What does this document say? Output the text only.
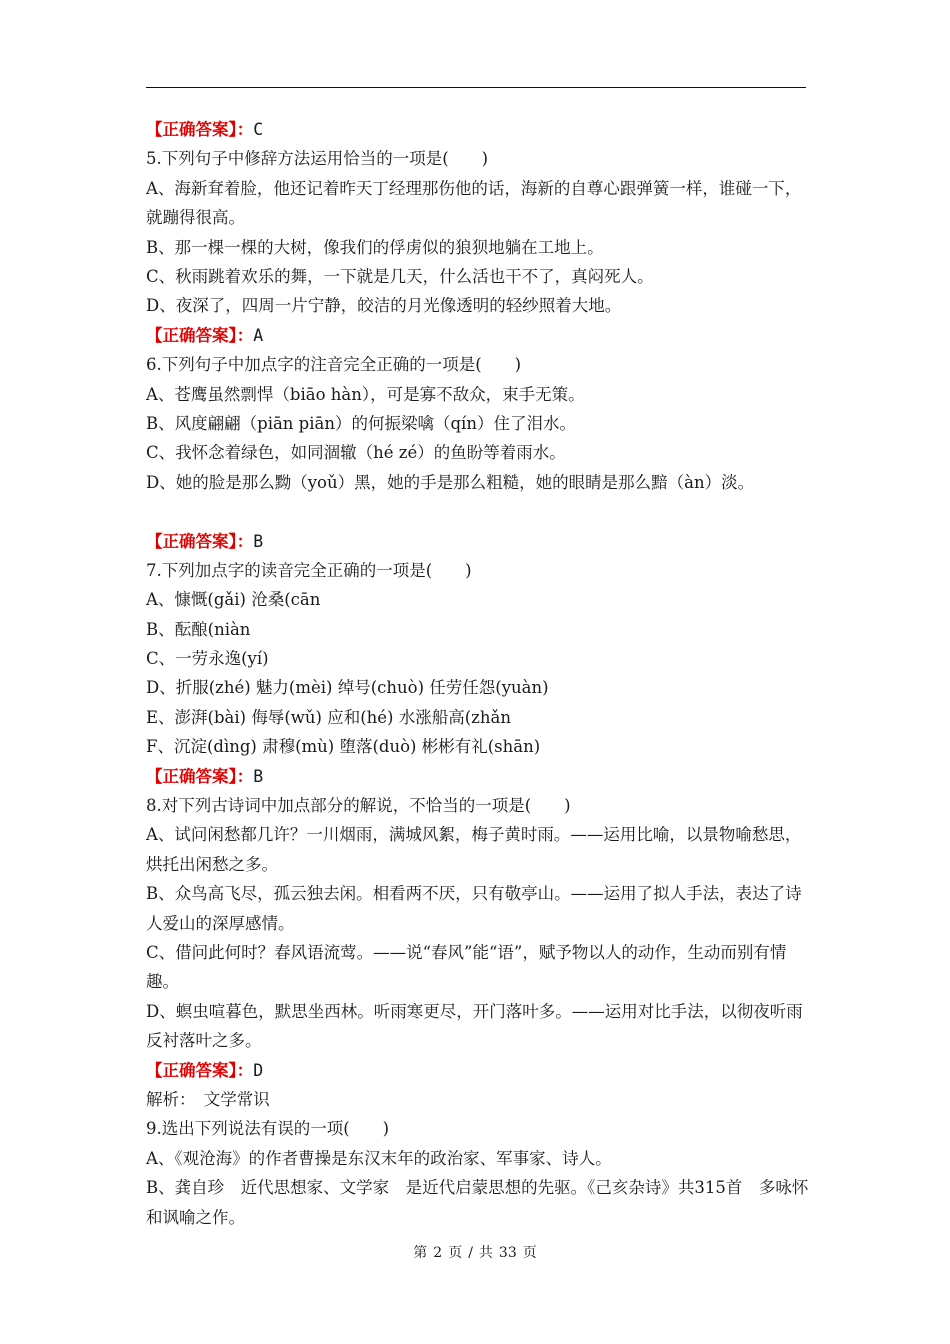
【正确答案】：C
5.下列句子中修辞方法运用恰当的一项是(　　)
A、海新耷着脸，他还记着昨天丁经理那伤他的话，海新的自尊心跟弹簧一样，谁碰一下，就蹦得很高。
B、那一棵一棵的大树，像我们的俘虏似的狼狈地躺在工地上。
C、秋雨跳着欢乐的舞，一下就是几天，什么活也干不了，真闷死人。
D、夜深了，四周一片宁静，皎洁的月光像透明的轻纱照着大地。
【正确答案】：A
6.下列句子中加点字的注音完全正确的一项是(　　)
A、苍鹰虽然剽悍（biāo hàn），可是寡不敌众，束手无策。
B、风度翩翩（piān piān）的何振梁噙（qín）住了泪水。
C、我怀念着绿色，如同涸辙（hé zé）的鱼盼等着雨水。
D、她的脸是那么黝（yoǔ）黑，她的手是那么粗糙，她的眼睛是那么黯（àn）淡。
【正确答案】：B
7.下列加点字的读音完全正确的一项是(　　)
A、慷慨(gǎi) 沧桑(cān
B、酝酿(niàn
C、一劳永逸(yí)
D、折服(zhé) 魅力(mèi) 绰号(chuò) 任劳任怨(yuàn)
E、澎湃(bài) 侮辱(wǔ) 应和(hé) 水涨船高(zhǎn
F、沉淀(dìng) 肃穆(mù) 堕落(duò) 彬彬有礼(shān)
【正确答案】：B
8.对下列古诗词中加点部分的解说，不恰当的一项是(　　)
A、试问闲愁都几许？一川烟雨，满城风絮，梅子黄时雨。——运用比喻，以景物喻愁思，烘托出闲愁之多。
B、众鸟高飞尽，孤云独去闲。相看两不厌，只有敬亭山。——运用了拟人手法，表达了诗人爱山的深厚感情。
C、借问此何时？春风语流莺。——说“春风”能“语”，赋予物以人的动作，生动而别有情趣。
D、螟虫喧暮色，默思坐西林。听雨寒更尽，开门落叶多。——运用对比手法，以彻夜听雨反衬落叶之多。
【正确答案】：D
解析：　文学常识
9.选出下列说法有误的一项(　　)
A、《观沧海》的作者曹操是东汉末年的政治家、军事家、诗人。
B、龚自珍　近代思想家、文学家　是近代启蒙思想的先驱。《己亥杂诗》共315首　多咏怀和讽喻之作。
第 2 页 / 共 33 页
